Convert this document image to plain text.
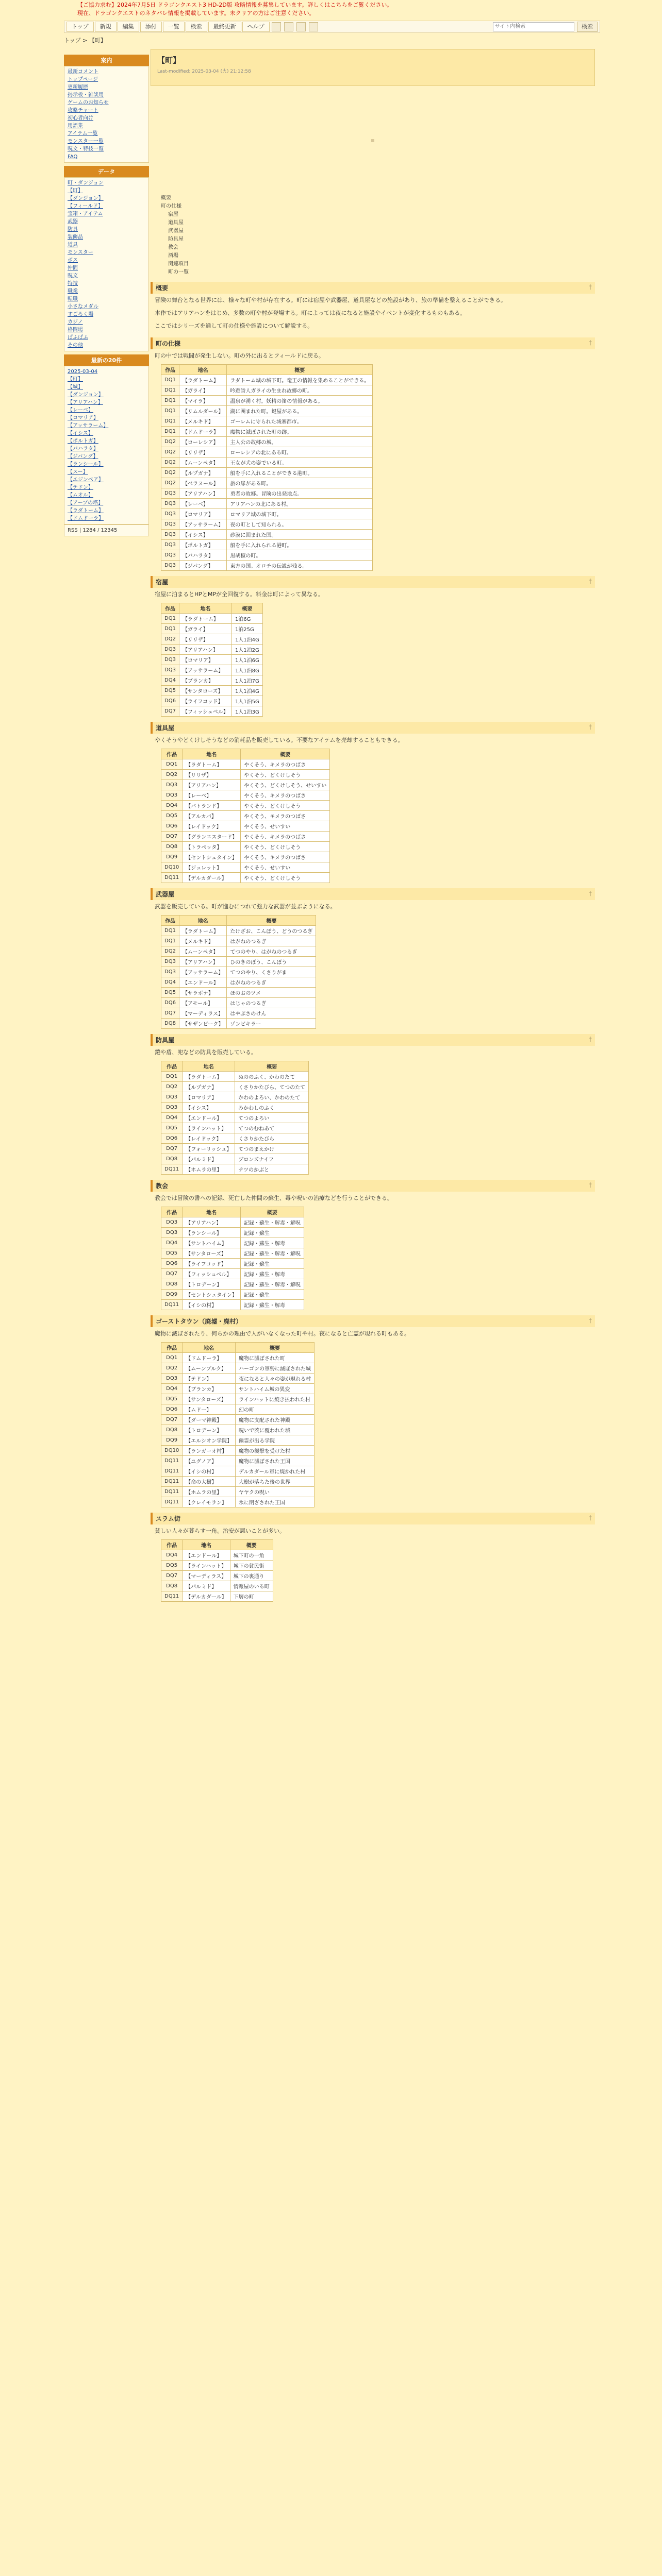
【ご協力求む】2024年7月5日 ドラゴンクエスト3 HD-2D版 攻略情報を募集しています。詳しくはこちらをご覧ください。
現在、ドラゴンクエストのネタバレ情報を掲載しています。未クリアの方はご注意ください。
トップ	新規	編集	添付	一覧	検索	最終更新	ヘルプ
サイト内検索	検索
トップ > 【町】
案内
最新コメント
トップページ
更新履歴
掲示板・雑談用
ゲームのお知らせ
攻略チャート
初心者向け
用語集
アイテム一覧
モンスター一覧
呪文・特技一覧
FAQ
データ
町・ダンジョン
【町】
【ダンジョン】
【フィールド】
宝箱・アイテム
武器
防具
装飾品
道具
モンスター
ボス
仲間
呪文
特技
職業
転職
小さなメダル
すごろく場
カジノ
格闘場
ぱふぱふ
その他
最新の20件
2025-03-04
【町】
【城】
【ダンジョン】
【アリアハン】
【レーベ】
【ロマリア】
【アッサラーム】
【イシス】
【ポルトガ】
【バハラタ】
【ジパング】
【ランシール】
【スー】
【エジンベア】
【テドン】
【ムオル】
【アープの塔】
【ラダトーム】
【ドムドーラ】
RSS | 1284 / 12345
【町】
Last-modified: 2025-03-04 (火) 21:12:58
▪
概要
町の仕様
宿屋
道具屋
武器屋
防具屋
教会
酒場
関連項目
町の一覧
概要	†
冒険の舞台となる世界には、様々な町や村が存在する。町には宿屋や武器屋、道具屋などの施設があり、旅の準備を整えることができる。
本作ではアリアハンをはじめ、多数の町や村が登場する。町によっては夜になると施設やイベントが変化するものもある。
ここではシリーズを通して町の仕様や施設について解説する。
町の仕様	†
町の中では戦闘が発生しない。町の外に出るとフィールドに戻る。
作品	地名	概要
DQ1	【ラダトーム】	ラダトーム城の城下町。竜王の情報を集めることができる。
DQ1	【ガライ】	吟遊詩人ガライの生まれ故郷の町。
DQ1	【マイラ】	温泉が湧く村。妖精の笛の情報がある。
DQ1	【リムルダール】	湖に囲まれた町。鍵屋がある。
DQ1	【メルキド】	ゴーレムに守られた城塞都市。
DQ1	【ドムドーラ】	魔物に滅ぼされた町の跡。
DQ2	【ローレシア】	主人公の故郷の城。
DQ2	【リリザ】	ローレシアの北にある町。
DQ2	【ムーンペタ】	王女が犬の姿でいる町。
DQ2	【ルプガナ】	船を手に入れることができる港町。
DQ2	【ベラヌール】	旅の扉がある町。
DQ3	【アリアハン】	勇者の故郷。冒険の出発地点。
DQ3	【レーベ】	アリアハンの北にある村。
DQ3	【ロマリア】	ロマリア城の城下町。
DQ3	【アッサラーム】	夜の町として知られる。
DQ3	【イシス】	砂漠に囲まれた国。
DQ3	【ポルトガ】	船を手に入れられる港町。
DQ3	【バハラタ】	黒胡椒の町。
DQ3	【ジパング】	東方の国。オロチの伝説が残る。
宿屋	†
宿屋に泊まるとHPとMPが全回復する。料金は町によって異なる。
作品	地名	概要
DQ1	【ラダトーム】	1泊6G
DQ1	【ガライ】	1泊25G
DQ2	【リリザ】	1人1泊4G
DQ3	【アリアハン】	1人1泊2G
DQ3	【ロマリア】	1人1泊6G
DQ3	【アッサラーム】	1人1泊8G
DQ4	【ブランカ】	1人1泊7G
DQ5	【サンタローズ】	1人1泊4G
DQ6	【ライフコッド】	1人1泊5G
DQ7	【フィッシュベル】	1人1泊3G
道具屋	†
やくそうやどくけしそうなどの消耗品を販売している。不要なアイテムを売却することもできる。
作品	地名	概要
DQ1	【ラダトーム】	やくそう、キメラのつばさ
DQ2	【リリザ】	やくそう、どくけしそう
DQ3	【アリアハン】	やくそう、どくけしそう、せいすい
DQ3	【レーベ】	やくそう、キメラのつばさ
DQ4	【バトランド】	やくそう、どくけしそう
DQ5	【アルカパ】	やくそう、キメラのつばさ
DQ6	【レイドック】	やくそう、せいすい
DQ7	【グランエスタード】	やくそう、キメラのつばさ
DQ8	【トラペッタ】	やくそう、どくけしそう
DQ9	【セントシュタイン】	やくそう、キメラのつばさ
DQ10	【ジュレット】	やくそう、せいすい
DQ11	【デルカダール】	やくそう、どくけしそう
武器屋	†
武器を販売している。町が進むにつれて強力な武器が並ぶようになる。
作品	地名	概要
DQ1	【ラダトーム】	たけざお、こんぼう、どうのつるぎ
DQ1	【メルキド】	はがねのつるぎ
DQ2	【ムーンペタ】	てつのやり、はがねのつるぎ
DQ3	【アリアハン】	ひのきのぼう、こんぼう
DQ3	【アッサラーム】	てつのやり、くさりがま
DQ4	【エンドール】	はがねのつるぎ
DQ5	【サラボナ】	ほのおのツメ
DQ6	【アモール】	はじゃのつるぎ
DQ7	【マーディラス】	はやぶさのけん
DQ8	【サザンビーク】	ゾンビキラー
防具屋	†
鎧や盾、兜などの防具を販売している。
作品	地名	概要
DQ1	【ラダトーム】	ぬののふく、かわのたて
DQ2	【ルプガナ】	くさりかたびら、てつのたて
DQ3	【ロマリア】	かわのよろい、かわのたて
DQ3	【イシス】	みかわしのふく
DQ4	【エンドール】	てつのよろい
DQ5	【ラインハット】	てつのむねあて
DQ6	【レイドック】	くさりかたびら
DQ7	【フォーリッシュ】	てつのまえかけ
DQ8	【パルミド】	ブロンズナイフ
DQ11	【ホムラの里】	テツのかぶと
教会	†
教会では冒険の書への記録、死亡した仲間の蘇生、毒や呪いの治療などを行うことができる。
作品	地名	概要
DQ3	【アリアハン】	記録・蘇生・解毒・解呪
DQ3	【ランシール】	記録・蘇生
DQ4	【サントハイム】	記録・蘇生・解毒
DQ5	【サンタローズ】	記録・蘇生・解毒・解呪
DQ6	【ライフコッド】	記録・蘇生
DQ7	【フィッシュベル】	記録・蘇生・解毒
DQ8	【トロデーン】	記録・蘇生・解毒・解呪
DQ9	【セントシュタイン】	記録・蘇生
DQ11	【イシの村】	記録・蘇生・解毒
ゴーストタウン（廃墟・廃村）	†
魔物に滅ぼされたり、何らかの理由で人がいなくなった町や村。夜になると亡霊が現れる町もある。
作品	地名	概要
DQ1	【ドムドーラ】	魔物に滅ぼされた町
DQ2	【ムーンブルク】	ハーゴンの軍勢に滅ぼされた城
DQ3	【テドン】	夜になると人々の姿が現れる村
DQ4	【ブランカ】	サントハイム城の異変
DQ5	【サンタローズ】	ラインハットに焼き払われた村
DQ6	【ムドー】	幻の町
DQ7	【ダーマ神殿】	魔物に支配された神殿
DQ8	【トロデーン】	呪いで茨に覆われた城
DQ9	【エルシオン学院】	幽霊が出る学院
DQ10	【ランガーオ村】	魔物の襲撃を受けた村
DQ11	【ユグノア】	魔物に滅ぼされた王国
DQ11	【イシの村】	デルカダール軍に焼かれた村
DQ11	【命の大樹】	大樹が落ちた後の世界
DQ11	【ホムラの里】	ヤヤクの呪い
DQ11	【クレイモラン】	氷に閉ざされた王国
スラム街	†
貧しい人々が暮らす一角。治安が悪いことが多い。
作品	地名	概要
DQ4	【エンドール】	城下町の一角
DQ5	【ラインハット】	城下の貧民街
DQ7	【マーディラス】	城下の裏通り
DQ8	【パルミド】	情報屋のいる町
DQ11	【デルカダール】	下層の町
